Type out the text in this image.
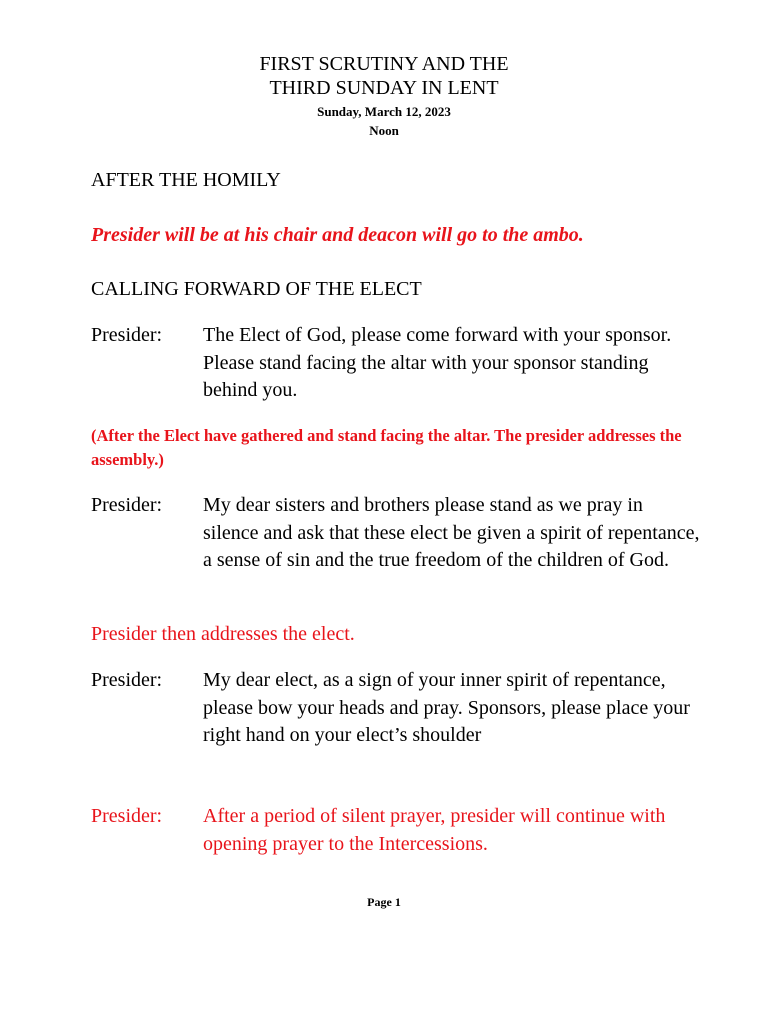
FIRST SCRUTINY AND THE

THIRD SUNDAY IN LENT

Sunday, March 12, 2023

Noon

AFTER THE HOMILY

Presider will be at his chair and deacon will go to the ambo.

CALLING FORWARD OF THE ELECT

Presider:	The Elect of God, please come forward with your sponsor. Please stand facing the altar with your sponsor standing behind you.

(After the Elect have gathered and stand facing the altar. The presider addresses the assembly.)

Presider:	My dear sisters and brothers please stand as we pray in silence and ask that these elect be given a spirit of repentance, a sense of sin and the true freedom of the children of God.

Presider then addresses the elect.

Presider:	My dear elect, as a sign of your inner spirit of repentance, please bow your heads and pray. Sponsors, please place your right hand on your elect’s shoulder
Presider:	After a period of silent prayer, presider will continue with opening prayer to the Intercessions.

Page 1
